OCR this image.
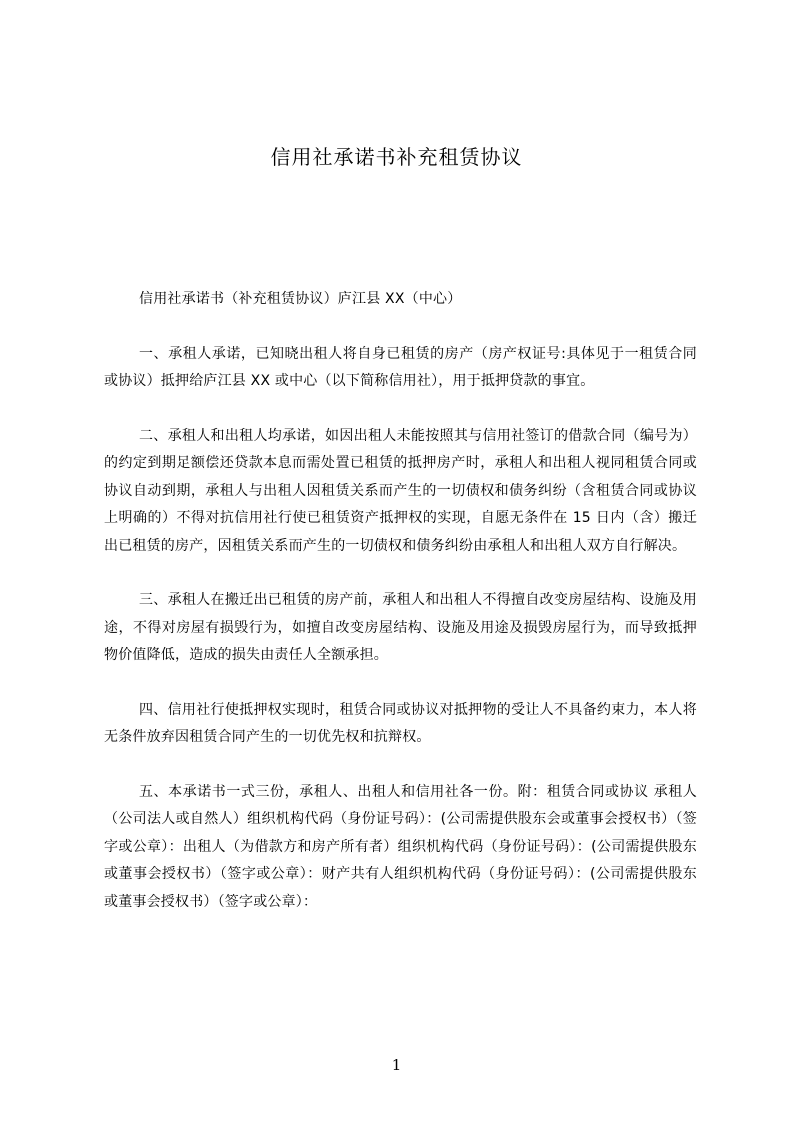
信用社承诺书补充租赁协议

信用社承诺书（补充租赁协议）庐江县 XX（中心）

一、承租人承诺，已知晓出租人将自身已租赁的房产（房产权证号:具体见于一租赁合同或协议）抵押给庐江县 XX 或中心（以下简称信用社），用于抵押贷款的事宜。

二、承租人和出租人均承诺，如因出租人未能按照其与信用社签订的借款合同（编号为）的约定到期足额偿还贷款本息而需处置已租赁的抵押房产时，承租人和出租人视同租赁合同或协议自动到期，承租人与出租人因租赁关系而产生的一切债权和债务纠纷（含租赁合同或协议上明确的）不得对抗信用社行使已租赁资产抵押权的实现，自愿无条件在 15 日内（含）搬迁出已租赁的房产，因租赁关系而产生的一切债权和债务纠纷由承租人和出租人双方自行解决。

三、承租人在搬迁出已租赁的房产前，承租人和出租人不得擅自改变房屋结构、设施及用途，不得对房屋有损毁行为，如擅自改变房屋结构、设施及用途及损毁房屋行为，而导致抵押物价值降低，造成的损失由责任人全额承担。

四、信用社行使抵押权实现时，租赁合同或协议对抵押物的受让人不具备约束力，本人将无条件放弃因租赁合同产生的一切优先权和抗辩权。

五、本承诺书一式三份，承租人、出租人和信用社各一份。附：租赁合同或协议 承租人（公司法人或自然人）组织机构代码（身份证号码）：(公司需提供股东会或董事会授权书）（签字或公章）：出租人（为借款方和房产所有者）组织机构代码（身份证号码）：(公司需提供股东或董事会授权书）（签字或公章）：财产共有人组织机构代码（身份证号码）：(公司需提供股东或董事会授权书）（签字或公章）：

1
